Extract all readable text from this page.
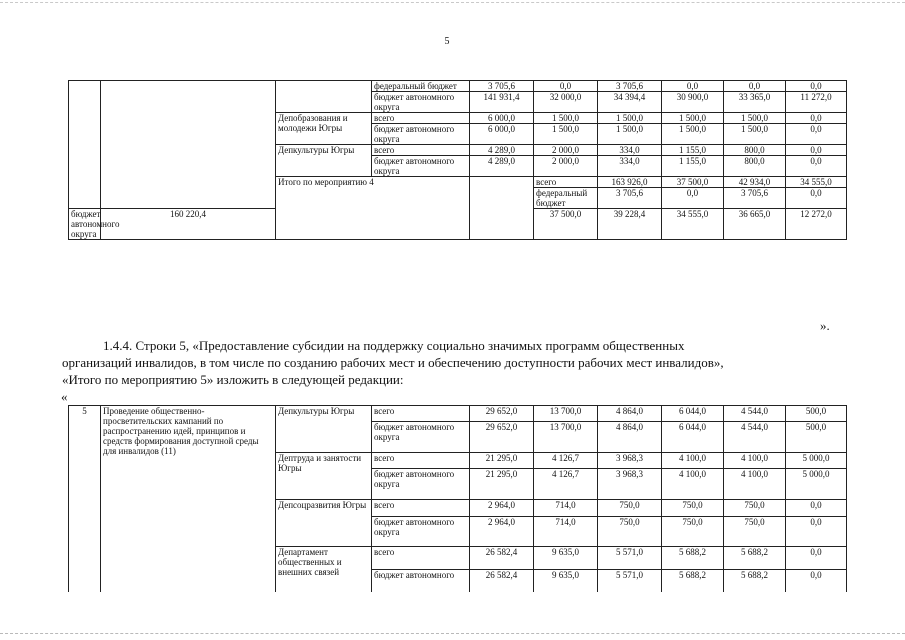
5
			федеральный бюджет	3 705,6	0,0	3 705,6	0,0	0,0	0,0	
			бюджет автономного округа	141 931,4	32 000,0	34 394,4	30 900,0	33 365,0	11 272,0	
		Депобразования и молодежи Югры	всего	6 000,0	1 500,0	1 500,0	1 500,0	1 500,0	0,0	
			бюджет автономного округа	6 000,0	1 500,0	1 500,0	1 500,0	1 500,0	0,0	
		Депкультуры Югры	всего	4 289,0	2 000,0	334,0	1 155,0	800,0	0,0	
			бюджет автономного округа	4 289,0	2 000,0	334,0	1 155,0	800,0	0,0	
		Итого по мероприятию 4			всего	163 926,0	37 500,0	42 934,0	34 555,0		
					федеральный бюджет	3 705,6	0,0	3 705,6	0,0		
бюджет автономного округа	160 220,4				37 500,0	39 228,4	34 555,0	36 665,0	12 272,0	
».

1.4.4. Строки 5, «Предоставление субсидии на поддержку социально значимых программ общественных

организаций инвалидов, в том числе по созданию рабочих мест и обеспечению доступности рабочих мест инвалидов»,

«Итого по мероприятию 5» изложить в следующей редакции:

«
5	Проведение общественно-просветительских кампаний по распространению идей, принципов и средств формирования доступной среды для инвалидов (11)	Депкультуры Югры	всего	29 652,0	13 700,0	4 864,0	6 044,0	4 544,0	500,0
			бюджет автономного округа	29 652,0	13 700,0	4 864,0	6 044,0	4 544,0	500,0
		Дептруда и занятости Югры	всего	21 295,0	4 126,7	3 968,3	4 100,0	4 100,0	5 000,0
			бюджет автономного округа	21 295,0	4 126,7	3 968,3	4 100,0	4 100,0	5 000,0
		Депсоцразвития Югры	всего	2 964,0	714,0	750,0	750,0	750,0	0,0
			бюджет автономного округа	2 964,0	714,0	750,0	750,0	750,0	0,0
		Департамент общественных и внешних связей	всего	26 582,4	9 635,0	5 571,0	5 688,2	5 688,2	0,0
			бюджет автономного	26 582,4	9 635,0	5 571,0	5 688,2	5 688,2	0,0
